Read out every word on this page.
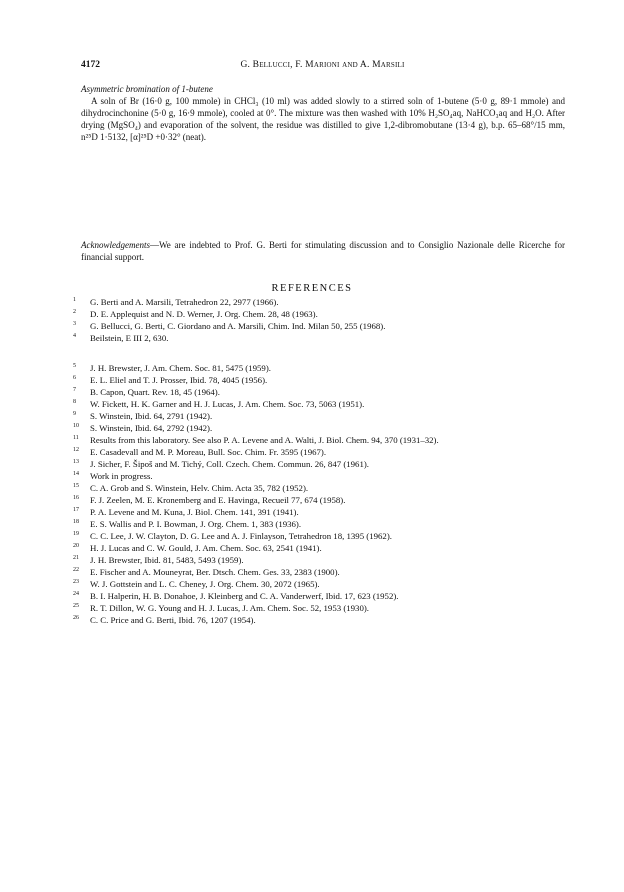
4172	G. Bellucci, F. Marioni and A. Marsili

Asymmetric bromination of 1-butene

A soln of Br (16·0 g, 100 mmole) in CHCl₃ (10 ml) was added slowly to a stirred soln of 1-butene (5·0 g, 89·1 mmole) and dihydrocinchonine (5·0 g, 16·9 mmole), cooled at 0°. The mixture was then washed with 10% H₂SO₄aq, NaHCO₃aq and H₂O. After drying (MgSO₄) and evaporation of the solvent, the residue was distilled to give 1,2-dibromobutane (13·4 g), b.p. 65–68°/15 mm, n²⁵D 1·5132, [α]²⁵D +0·32° (neat).

Acknowledgements—We are indebted to Prof. G. Berti for stimulating discussion and to Consiglio Nazionale delle Ricerche for financial support.

REFERENCES

1	G. Berti and A. Marsili, Tetrahedron 22, 2977 (1966).
2	D. E. Applequist and N. D. Werner, J. Org. Chem. 28, 48 (1963).
3	G. Bellucci, G. Berti, C. Giordano and A. Marsili, Chim. Ind. Milan 50, 255 (1968).
4	Beilstein, E III 2, 630.
5	J. H. Brewster, J. Am. Chem. Soc. 81, 5475 (1959).
6	E. L. Eliel and T. J. Prosser, Ibid. 78, 4045 (1956).
7	B. Capon, Quart. Rev. 18, 45 (1964).
8	W. Fickett, H. K. Garner and H. J. Lucas, J. Am. Chem. Soc. 73, 5063 (1951).
9	S. Winstein, Ibid. 64, 2791 (1942).
10	S. Winstein, Ibid. 64, 2792 (1942).
11	Results from this laboratory. See also P. A. Levene and A. Walti, J. Biol. Chem. 94, 370 (1931–32).
12	E. Casadevall and M. P. Moreau, Bull. Soc. Chim. Fr. 3595 (1967).
13	J. Sicher, F. Šipoš and M. Tichý, Coll. Czech. Chem. Commun. 26, 847 (1961).
14	Work in progress.
15	C. A. Grob and S. Winstein, Helv. Chim. Acta 35, 782 (1952).
16	F. J. Zeelen, M. E. Kronemberg and E. Havinga, Recueil 77, 674 (1958).
17	P. A. Levene and M. Kuna, J. Biol. Chem. 141, 391 (1941).
18	E. S. Wallis and P. I. Bowman, J. Org. Chem. 1, 383 (1936).
19	C. C. Lee, J. W. Clayton, D. G. Lee and A. J. Finlayson, Tetrahedron 18, 1395 (1962).
20	H. J. Lucas and C. W. Gould, J. Am. Chem. Soc. 63, 2541 (1941).
21	J. H. Brewster, Ibid. 81, 5483, 5493 (1959).
22	E. Fischer and A. Mouneyrat, Ber. Dtsch. Chem. Ges. 33, 2383 (1900).
23	W. J. Gottstein and L. C. Cheney, J. Org. Chem. 30, 2072 (1965).
24	B. I. Halperin, H. B. Donahoe, J. Kleinberg and C. A. Vanderwerf, Ibid. 17, 623 (1952).
25	R. T. Dillon, W. G. Young and H. J. Lucas, J. Am. Chem. Soc. 52, 1953 (1930).
26	C. C. Price and G. Berti, Ibid. 76, 1207 (1954).
